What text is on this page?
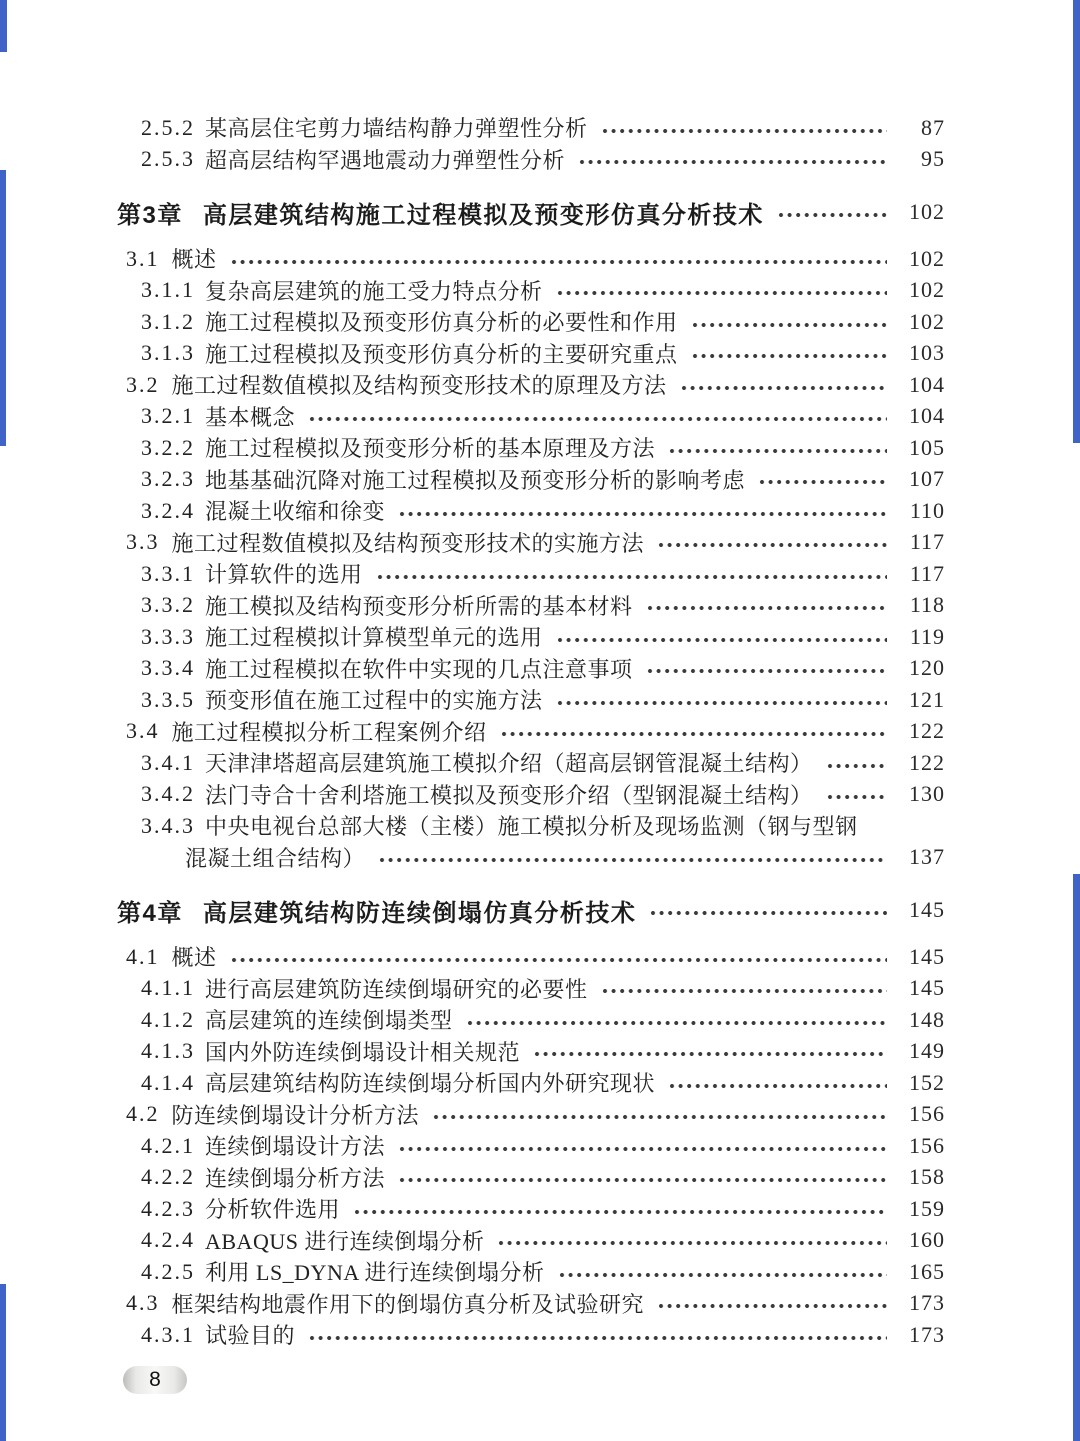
2.5.2 某高层住宅剪力墙结构静力弹塑性分析	87
2.5.3 超高层结构罕遇地震动力弹塑性分析	95
第3章 高层建筑结构施工过程模拟及预变形仿真分析技术	102
3.1 概述	102
3.1.1 复杂高层建筑的施工受力特点分析	102
3.1.2 施工过程模拟及预变形仿真分析的必要性和作用	102
3.1.3 施工过程模拟及预变形仿真分析的主要研究重点	103
3.2 施工过程数值模拟及结构预变形技术的原理及方法	104
3.2.1 基本概念	104
3.2.2 施工过程模拟及预变形分析的基本原理及方法	105
3.2.3 地基基础沉降对施工过程模拟及预变形分析的影响考虑	107
3.2.4 混凝土收缩和徐变	110
3.3 施工过程数值模拟及结构预变形技术的实施方法	117
3.3.1 计算软件的选用	117
3.3.2 施工模拟及结构预变形分析所需的基本材料	118
3.3.3 施工过程模拟计算模型单元的选用	119
3.3.4 施工过程模拟在软件中实现的几点注意事项	120
3.3.5 预变形值在施工过程中的实施方法	121
3.4 施工过程模拟分析工程案例介绍	122
3.4.1 天津津塔超高层建筑施工模拟介绍（超高层钢管混凝土结构）	122
3.4.2 法门寺合十舍利塔施工模拟及预变形介绍（型钢混凝土结构）	130
3.4.3 中央电视台总部大楼（主楼）施工模拟分析及现场监测（钢与型钢
混凝土组合结构）	137
第4章 高层建筑结构防连续倒塌仿真分析技术	145
4.1 概述	145
4.1.1 进行高层建筑防连续倒塌研究的必要性	145
4.1.2 高层建筑的连续倒塌类型	148
4.1.3 国内外防连续倒塌设计相关规范	149
4.1.4 高层建筑结构防连续倒塌分析国内外研究现状	152
4.2 防连续倒塌设计分析方法	156
4.2.1 连续倒塌设计方法	156
4.2.2 连续倒塌分析方法	158
4.2.3 分析软件选用	159
4.2.4 ABAQUS 进行连续倒塌分析	160
4.2.5 利用 LS_DYNA 进行连续倒塌分析	165
4.3 框架结构地震作用下的倒塌仿真分析及试验研究	173
4.3.1 试验目的	173
8
